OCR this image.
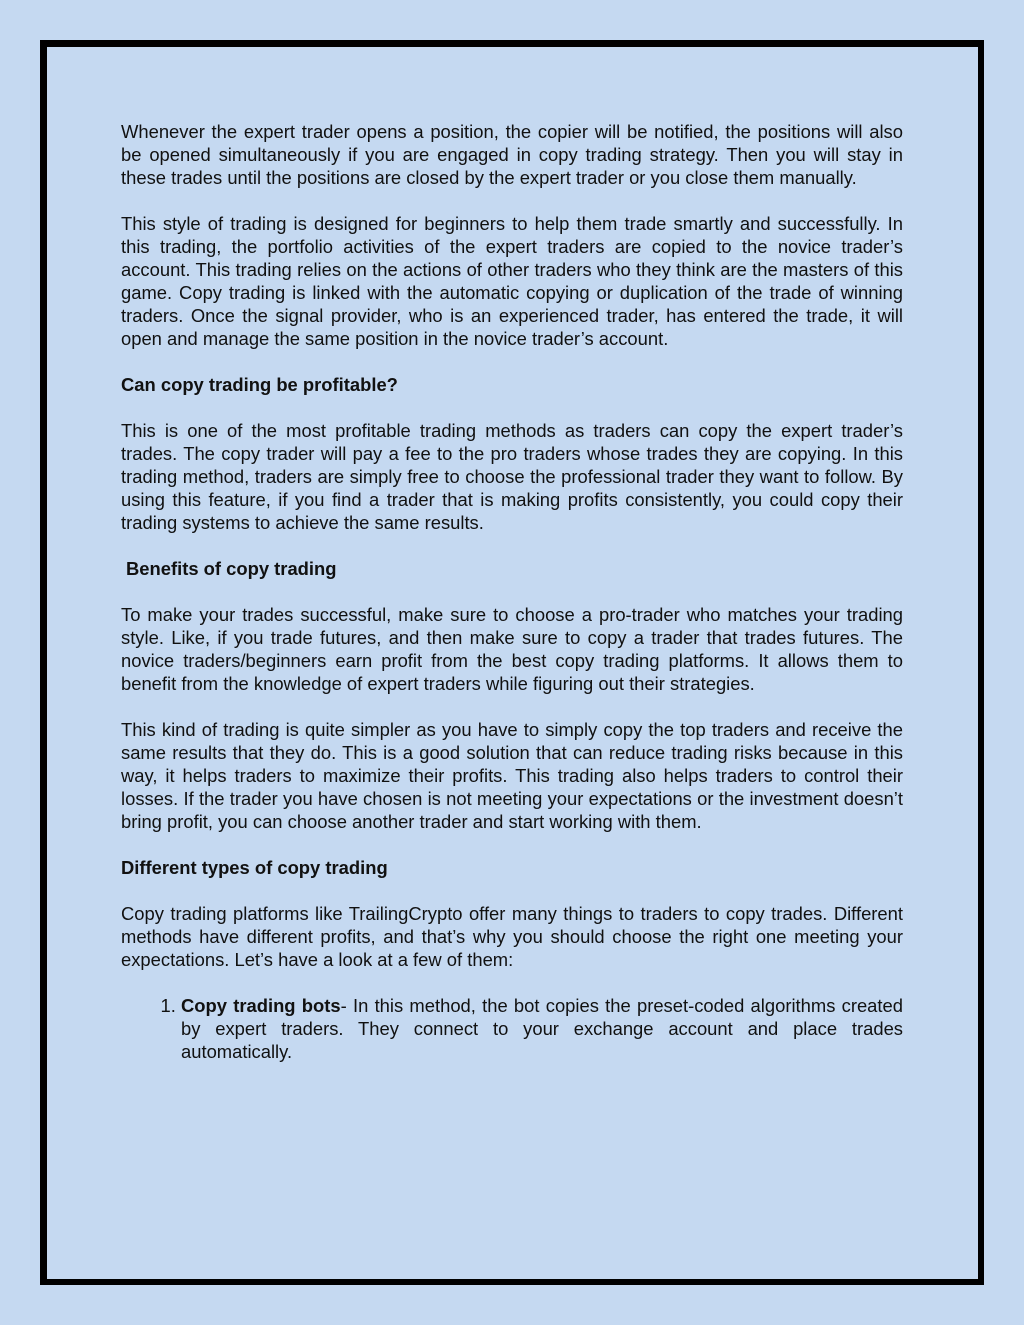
Whenever the expert trader opens a position, the copier will be notified, the positions will also be opened simultaneously if you are engaged in copy trading strategy. Then you will stay in these trades until the positions are closed by the expert trader or you close them manually.

This style of trading is designed for beginners to help them trade smartly and successfully. In this trading, the portfolio activities of the expert traders are copied to the novice trader’s account. This trading relies on the actions of other traders who they think are the masters of this game. Copy trading is linked with the automatic copying or duplication of the trade of winning traders. Once the signal provider, who is an experienced trader, has entered the trade, it will open and manage the same position in the novice trader’s account.

Can copy trading be profitable?

This is one of the most profitable trading methods as traders can copy the expert trader’s trades. The copy trader will pay a fee to the pro traders whose trades they are copying. In this trading method, traders are simply free to choose the professional trader they want to follow. By using this feature, if you find a trader that is making profits consistently, you could copy their trading systems to achieve the same results.

Benefits of copy trading

To make your trades successful, make sure to choose a pro-trader who matches your trading style. Like, if you trade futures, and then make sure to copy a trader that trades futures. The novice traders/beginners earn profit from the best copy trading platforms. It allows them to benefit from the knowledge of expert traders while figuring out their strategies.

This kind of trading is quite simpler as you have to simply copy the top traders and receive the same results that they do. This is a good solution that can reduce trading risks because in this way, it helps traders to maximize their profits. This trading also helps traders to control their losses. If the trader you have chosen is not meeting your expectations or the investment doesn’t bring profit, you can choose another trader and start working with them.

Different types of copy trading

Copy trading platforms like TrailingCrypto offer many things to traders to copy trades. Different methods have different profits, and that’s why you should choose the right one meeting your expectations. Let’s have a look at a few of them:

1. Copy trading bots- In this method, the bot copies the preset-coded algorithms created by expert traders. They connect to your exchange account and place trades automatically.
